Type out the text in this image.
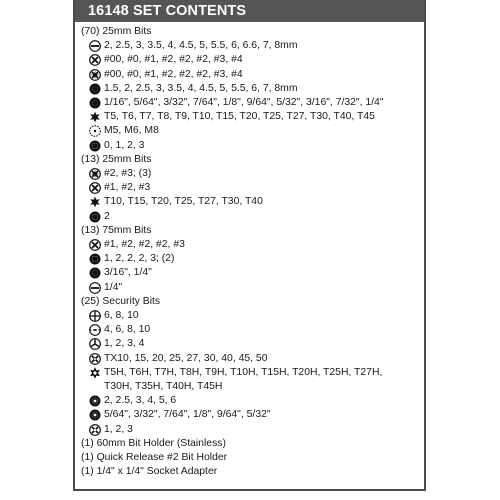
16148 SET CONTENTS
(70) 25mm Bits
2, 2.5, 3, 3.5, 4, 4.5, 5, 5.5, 6, 6.6, 7, 8mm
#00, #0, #1, #2, #2, #2, #3, #4
#00, #0, #1, #2, #2, #2, #3, #4
1.5, 2, 2.5, 3, 3.5, 4, 4.5, 5, 5.5, 6, 7, 8mm
1/16", 5/64", 3/32", 7/64", 1/8", 9/64", 5/32", 3/16", 7/32", 1/4"
T5, T6, T7, T8, T9, T10, T15, T20, T25, T27, T30, T40, T45
M5, M6, M8
0, 1, 2, 3
(13) 25mm Bits
#2, #3; (3)
#1, #2, #3
T10, T15, T20, T25, T27, T30, T40
2
(13) 75mm Bits
#1, #2, #2, #2, #3
1, 2, 2, 2, 3; (2)
3/16", 1/4"
1/4"
(25) Security Bits
6, 8, 10
4, 6, 8, 10
1, 2, 3, 4
TX10, 15, 20, 25, 27, 30, 40, 45, 50
T5H, T6H, T7H, T8H, T9H, T10H, T15H, T20H, T25H, T27H,
T30H, T35H, T40H, T45H
2, 2.5, 3, 4, 5, 6
5/64", 3/32", 7/64", 1/8", 9/64", 5/32"
1, 2, 3
(1) 60mm Bit Holder (Stainless)
(1) Quick Release #2 Bit Holder
(1) 1/4" x 1/4" Socket Adapter
